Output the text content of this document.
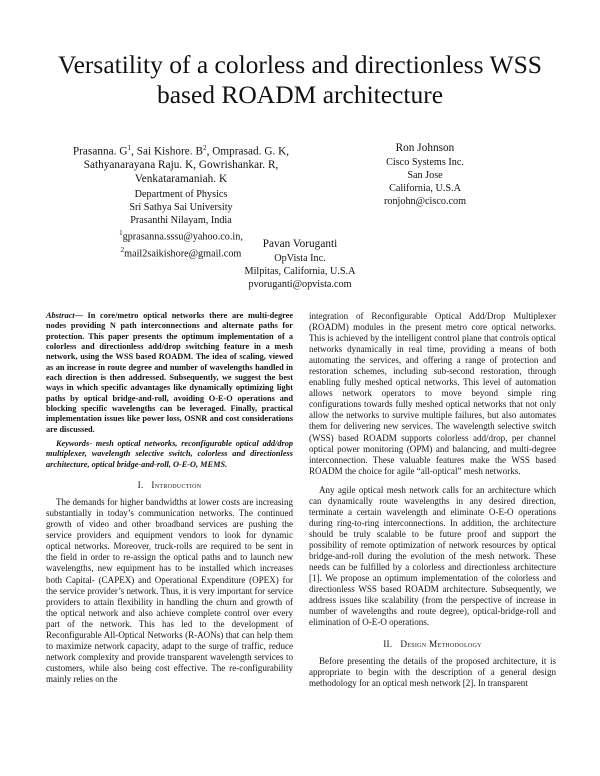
Versatility of a colorless and directionless WSS based ROADM architecture
Prasanna. $G^1$, Sai Kishore. $B^2$, Omprasad. G. K,
Sathyanarayana Raju. K, Gowrishankar. R,
Venkataramaniah. K
Department of Physics
Sri Sathya Sai University
Prasanthi Nilayam, India
$^1$gprasanna.sssu@yahoo.co.in, $^2$mail2saikishore@gmail.com
Ron Johnson
Cisco Systems Inc.
San Jose
California, U.S.A
ronjohn@cisco.com
Pavan Voruganti
OpVista Inc.
Milpitas, California, U.S.A
pvoruganti@opvista.com
Abstract— In core/metro optical networks there are multi-degree nodes providing N path interconnections and alternate paths for protection. This paper presents the optimum implementation of a colorless and directionless add/drop switching feature in a mesh network, using the WSS based ROADM. The idea of scaling, viewed as an increase in route degree and number of wavelengths handled in each direction is then addressed. Subsequently, we suggest the best ways in which specific advantages like dynamically optimizing light paths by optical bridge-and-roll, avoiding O-E-O operations and blocking specific wavelengths can be leveraged. Finally, practical implementation issues like power loss, OSNR and cost considerations are discussed.
Keywords- mesh optical networks, reconfigurable optical add/drop multiplexer, wavelength selective switch, colorless and directionless architecture, optical bridge-and-roll, O-E-O, MEMS.
I. Introduction

The demands for higher bandwidths at lower costs are increasing substantially in today’s communication networks. The continued growth of video and other broadband services are pushing the service providers and equipment vendors to look for dynamic optical networks. Moreover, truck-rolls are required to be sent in the field in order to re-assign the optical paths and to launch new wavelengths, new equipment has to be installed which increases both Capital- (CAPEX) and Operational Expenditure (OPEX) for the service provider’s network. Thus, it is very important for service providers to attain flexibility in handling the churn and growth of the optical network and also achieve complete control over every part of the network. This has led to the development of Reconfigurable All-Optical Networks (R-AONs) that can help them to maximize network capacity, adapt to the surge of traffic, reduce network complexity and provide transparent wavelength services to customers, while also being cost effective. The re-configurability mainly relies on the

integration of Reconfigurable Optical Add/Drop Multiplexer (ROADM) modules in the present metro core optical networks. This is achieved by the intelligent control plane that controls optical networks dynamically in real time, providing a means of both automating the services, and offering a range of protection and restoration schemes, including sub-second restoration, through enabling fully meshed optical networks. This level of automation allows network operators to move beyond simple ring configurations towards fully meshed optical networks that not only allow the networks to survive multiple failures, but also automates them for delivering new services. The wavelength selective switch (WSS) based ROADM supports colorless add/drop, per channel optical power monitoring (OPM) and balancing, and multi-degree interconnection. These valuable features make the WSS based ROADM the choice for agile “all-optical” mesh networks.

Any agile optical mesh network calls for an architecture which can dynamically route wavelengths in any desired direction, terminate a certain wavelength and eliminate O-E-O operations during ring-to-ring interconnections. In addition, the architecture should be truly scalable to be future proof and support the possibility of remote optimization of network resources by optical bridge-and-roll during the evolution of the mesh network. These needs can be fulfilled by a colorless and directionless architecture [1]. We propose an optimum implementation of the colorless and directionless WSS based ROADM architecture. Subsequently, we address issues like scalability (from the perspective of increase in number of wavelengths and route degree), optical-bridge-roll and elimination of O-E-O operations.

II. Design Methodology

Before presenting the details of the proposed architecture, it is appropriate to begin with the description of a general design methodology for an optical mesh network [2]. In transparent
